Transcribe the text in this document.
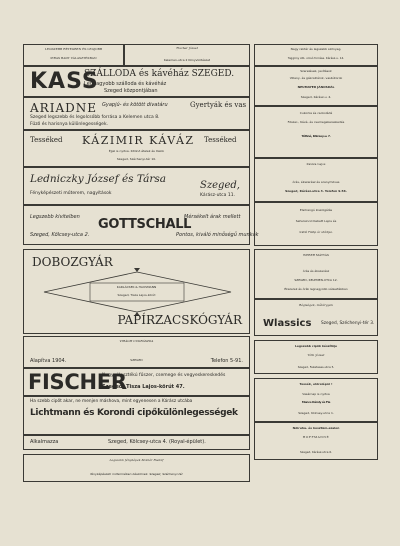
LEGSZEBB RÉTEGBEN ÉS LEGJOBB
PIRAS BADT VÁLASZTÉKBAN
Fischer József
Kelemen-utca 2 Könyvkötészet
KASS
SZÁLLODA és kávéház SZEGED.
Legnagyobb szálloda és kávéház
Szeged központjában
ARIADNE Gyapjú- és kötött divatáru	Gyertyák és vas
Szeged legszebb és legolcsóbb forrása a Kelemen utca 8.
Fűző és harisnya különlegességek.
Tesséked KÁZIMIR KÁVÁZ Tesséked
Éjjel is nyitva. Kitűnő ételek és italok
Szeged, Széchenyi-tér 10.
Ledniczky József és Társa
Szeged,
Fényképészeti műterem, nagyítások	Kárász-utca 11.
Legszebb kivitelben
Szeged, Kölcsey-utca 2.
GOTTSCHALL
Mérsékelt árak mellett
Pontos, kiváló minőségű munkák
DOBOZGYÁR
KARLÁCSEK & HAUSMANN
Szeged, Tisza Lajos-körút
PAPÍRZACSKÓGYÁR
VIRÁGH CUKRÁSZDA
Alapítva 1904.	SZEGED	Telefon 5-91.
FISCHER
Nagyválasztékú fűszer, csemege és vegyeskereskedés
Szeged, Tisza Lajos-körút 47.
Ha szebb cipőt akar, ne menjen máshova, mint egyenesen a Kárász utcába
Lichtmann és Korondi cipőkülönlegességek
Alkalmazza	Szeged, Kölcsey-utca 4. (Royal-épület).
Legszebb fényképek Molnár Rudolf
fényképészeti műtermében készülnek. Szeged, Széchenyi-tér
Nagy raktár és legszebb szőnyeg,
függöny stb. olcsó forrása. Kárász-u. 14.
Szerelések, javítások
Villany- és gázcsillárok, vasbútorok
NEUMAYER JÁNOSKÁL
Szeged, Kárász-u. 4.
Cukorka és csokoládé
Fűszer-, Kávé- és csemegekereskedés
Tóthné, Kölcsey-u. 7.
Zaviza Lajos
órás, ékszerész és aranyműves
Szeged, Kárász-utca 3. Telefon 9-56.
Elsőrangú kiszolgálás
Sehulsinczi Kebett Lajos és
Iratló Fülöp úr utódjai.
WEBER MÁTYÁS
órás és ékszerész
SZEGED, KELEMEN-UTCA 12.
Ékszerek és órák legnagyobb választékban
Régiségek, műtárgyak
Wlassics Szeged, Széchenyi-tér 3.
Legszebb cipők készítője
Tóth József
Szeged, Feketesas-utca 5.
Tessék, előrelépni !
Vasárnap is nyitva
Mence Károly és Fia
Szeged, Kölcsey-utca 1.
Nőiruha- és kosztüm-szalon
HOFFMANNÉ
Szeged, Kárász-utca 6.
